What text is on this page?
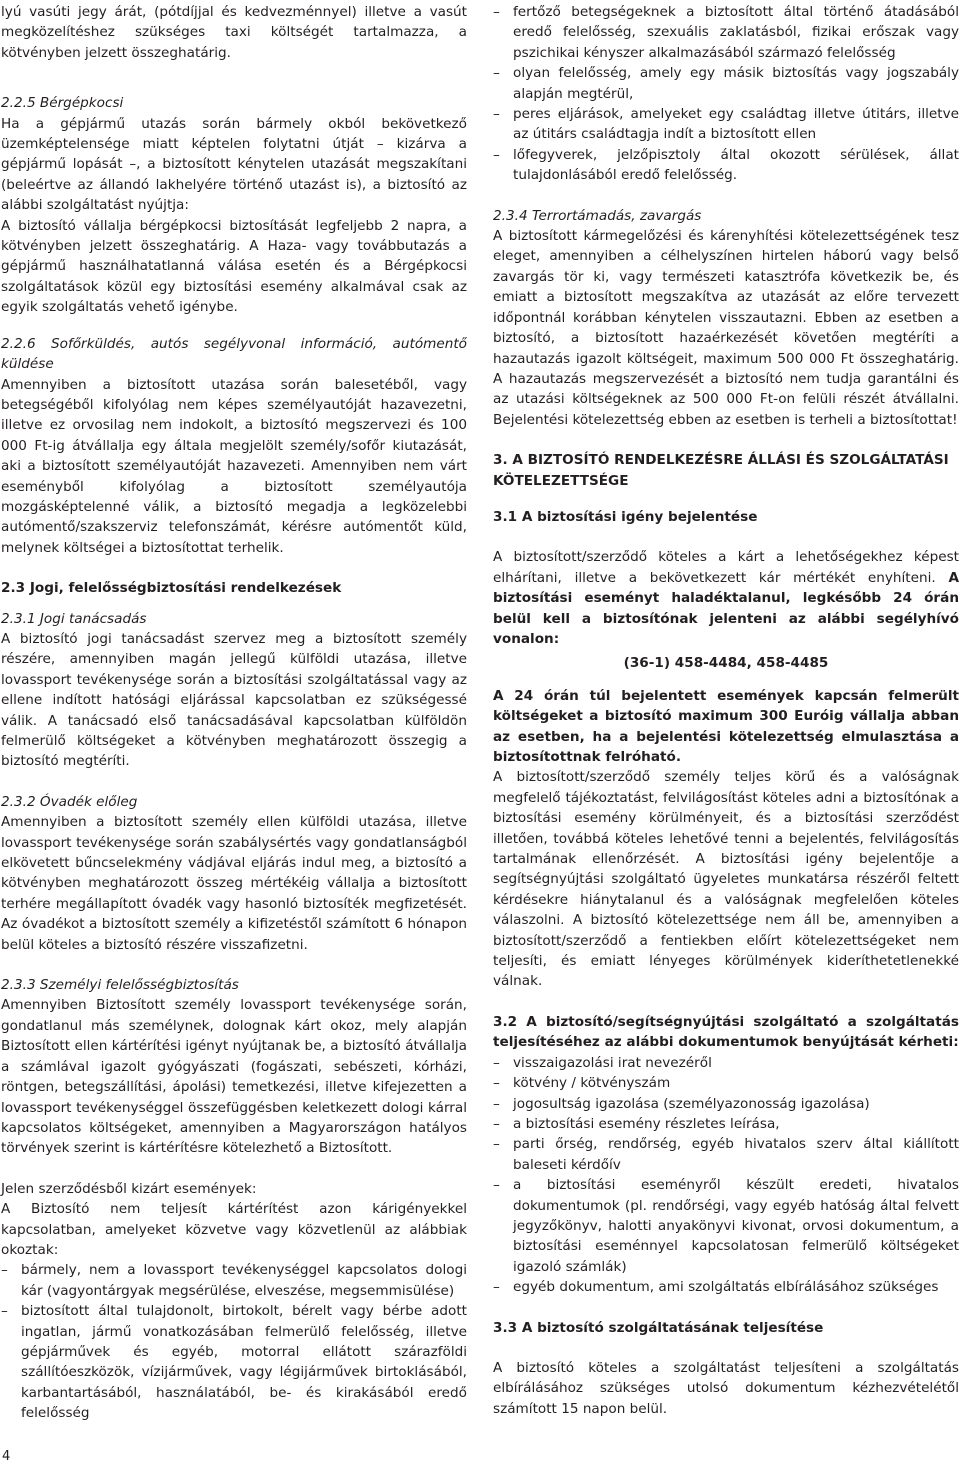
lyú vasúti jegy árát, (pótdíjjal és kedvezménnyel) illetve a vasút megközelítéshez szükséges taxi költségét tartalmazza, a kötvényben jelzett összeghatárig.

2.2.5 Bérgépkocsi

Ha a gépjármű utazás során bármely okból bekövetkező üzemképtelensége miatt képtelen folytatni útját – kizárva a gépjármű lopását –, a biztosított kénytelen utazását megszakítani (beleértve az állandó lakhelyére történő utazást is), a biztosító az alábbi szolgáltatást nyújtja:

A biztosító vállalja bérgépkocsi biztosítását legfeljebb 2 napra, a kötvényben jelzett összeghatárig. A Haza- vagy továbbutazás a gépjármű használhatatlanná válása esetén és a Bérgépkocsi szolgáltatások közül egy biztosítási esemény alkalmával csak az egyik szolgáltatás vehető igénybe.

2.2.6 Sofőrküldés, autós segélyvonal információ, autómentő küldése

Amennyiben a biztosított utazása során balesetéből, vagy betegségéből kifolyólag nem képes személyautóját hazavezetni, illetve ez orvosilag nem indokolt, a biztosító megszervezi és 100 000 Ft-ig átvállalja egy általa megjelölt személy/sofőr kiutazását, aki a biztosított személyautóját hazavezeti. Amennyiben nem várt eseményből kifolyólag a biztosított személyautója mozgásképtelenné válik, a biztosító megadja a legközelebbi autómentő/szakszerviz telefonszámát, kérésre autómentőt küld, melynek költségei a biztosítottat terhelik.

2.3 Jogi, felelősségbiztosítási rendelkezések

2.3.1 Jogi tanácsadás

A biztosító jogi tanácsadást szervez meg a biztosított személy részére, amennyiben magán jellegű külföldi utazása, illetve lovassport tevékenysége során a biztosítási szolgáltatással vagy az ellene indított hatósági eljárással kapcsolatban ez szükségessé válik. A tanácsadó első tanácsadásával kapcsolatban külföldön felmerülő költségeket a kötvényben meghatározott összegig a biztosító megtéríti.

2.3.2 Óvadék előleg

Amennyiben a biztosított személy ellen külföldi utazása, illetve lovassport tevékenysége során szabálysértés vagy gondatlanságból elkövetett bűncselekmény vádjával eljárás indul meg, a biztosító a kötvényben meghatározott összeg mértékéig vállalja a biztosított terhére megállapított óvadék vagy hasonló biztosíték megfizetését. Az óvadékot a biztosított személy a kifizetéstől számított 6 hónapon belül köteles a biztosító részére visszafizetni.

2.3.3 Személyi felelősségbiztosítás

Amennyiben Biztosított személy lovassport tevékenysége során, gondatlanul más személynek, dolognak kárt okoz, mely alapján Biztosított ellen kártérítési igényt nyújtanak be, a biztosító átvállalja a számlával igazolt gyógyászati (fogászati, sebészeti, kórházi, röntgen, betegszállítási, ápolási) temetkezési, illetve kifejezetten a lovassport tevékenységgel összefüggésben keletkezett dologi kárral kapcsolatos költségeket, amennyiben a Magyarországon hatályos törvények szerint is kártérítésre kötelezhető a Biztosított.

Jelen szerződésből kizárt események:

A Biztosító nem teljesít kártérítést azon kárigényekkel kapcsolatban, amelyeket közvetve vagy közvetlenül az alábbiak okoztak:

– bármely, nem a lovassport tevékenységgel kapcsolatos dologi kár (vagyontárgyak megsérülése, elveszése, megsemmisülése)
– biztosított által tulajdonolt, birtokolt, bérelt vagy bérbe adott ingatlan, jármű vonatkozásában felmerülő felelősség, illetve gépjárművek és egyéb, motorral ellátott szárazföldi szállítóeszközök, vízijárművek, vagy légijárművek birtoklásából, karbantartásából, használatából, be- és kirakásából eredő felelősség
– fertőző betegségeknek a biztosított által történő átadásából eredő felelősség, szexuális zaklatásból, fizikai erőszak vagy pszichikai kényszer alkalmazásából származó felelősség
– olyan felelősség, amely egy másik biztosítás vagy jogszabály alapján megtérül,
– peres eljárások, amelyeket egy családtag illetve útitárs, illetve az útitárs családtagja indít a biztosított ellen
– lőfegyverek, jelzőpisztoly által okozott sérülések, állat tulajdonlásából eredő felelősség.

2.3.4 Terrortámadás, zavargás

A biztosított kármegelőzési és kárenyhítési kötelezettségének tesz eleget, amennyiben a célhelyszínen hirtelen háború vagy belső zavargás tör ki, vagy természeti katasztrófa következik be, és emiatt a biztosított megszakítva az utazását az előre tervezett időpontnál korábban kénytelen visszautazni. Ebben az esetben a biztosító, a biztosított hazaérkezését követően megtéríti a hazautazás igazolt költségeit, maximum 500 000 Ft összeghatárig. A hazautazás megszervezését a biztosító nem tudja garantálni és az utazási költségeknek az 500 000 Ft-on felüli részét átvállalni. Bejelentési kötelezettség ebben az esetben is terheli a biztosítottat!

3. A BIZTOSÍTÓ RENDELKEZÉSRE ÁLLÁSI ÉS SZOLGÁLTATÁSI KÖTELEZETTSÉGE

3.1 A biztosítási igény bejelentése

A biztosított/szerződő köteles a kárt a lehetőségekhez képest elhárítani, illetve a bekövetkezett kár mértékét enyhíteni. A biztosítási eseményt haladéktalanul, legkésőbb 24 órán belül kell a biztosítónak jelenteni az alábbi segélyhívó vonalon:

(36-1) 458-4484, 458-4485

A 24 órán túl bejelentett események kapcsán felmerült költségeket a biztosító maximum 300 Euróig vállalja abban az esetben, ha a bejelentési kötelezettség elmulasztása a biztosítottnak felróható.

A biztosított/szerződő személy teljes körű és a valóságnak megfelelő tájékoztatást, felvilágosítást köteles adni a biztosítónak a biztosítási esemény körülményeit, és a biztosítási szerződést illetően, továbbá köteles lehetővé tenni a bejelentés, felvilágosítás tartalmának ellenőrzését. A biztosítási igény bejelentője a segítségnyújtási szolgáltató ügyeletes munkatársa részéről feltett kérdésekre hiánytalanul és a valóságnak megfelelően köteles válaszolni. A biztosító kötelezettsége nem áll be, amennyiben a biztosított/szerződő a fentiekben előírt kötelezettségeket nem teljesíti, és emiatt lényeges körülmények kideríthetetlenekké válnak.

3.2 A biztosító/segítségnyújtási szolgáltató a szolgáltatás teljesítéséhez az alábbi dokumentumok benyújtását kérheti:

– visszaigazolási irat nevezéről
– kötvény / kötvényszám
– jogosultság igazolása (személyazonosság igazolása)
– a biztosítási esemény részletes leírása,
– parti őrség, rendőrség, egyéb hivatalos szerv által kiállított baleseti kérdőív
– a biztosítási eseményről készült eredeti, hivatalos dokumentumok (pl. rendőrségi, vagy egyéb hatóság által felvett jegyzőkönyv, halotti anyakönyvi kivonat, orvosi dokumentum, a biztosítási eseménnyel kapcsolatosan felmerülő költségeket igazoló számlák)
– egyéb dokumentum, ami szolgáltatás elbírálásához szükséges

3.3 A biztosító szolgáltatásának teljesítése

A biztosító köteles a szolgáltatást teljesíteni a szolgáltatás elbírálásához szükséges utolsó dokumentum kézhezvételétől számított 15 napon belül.

4
